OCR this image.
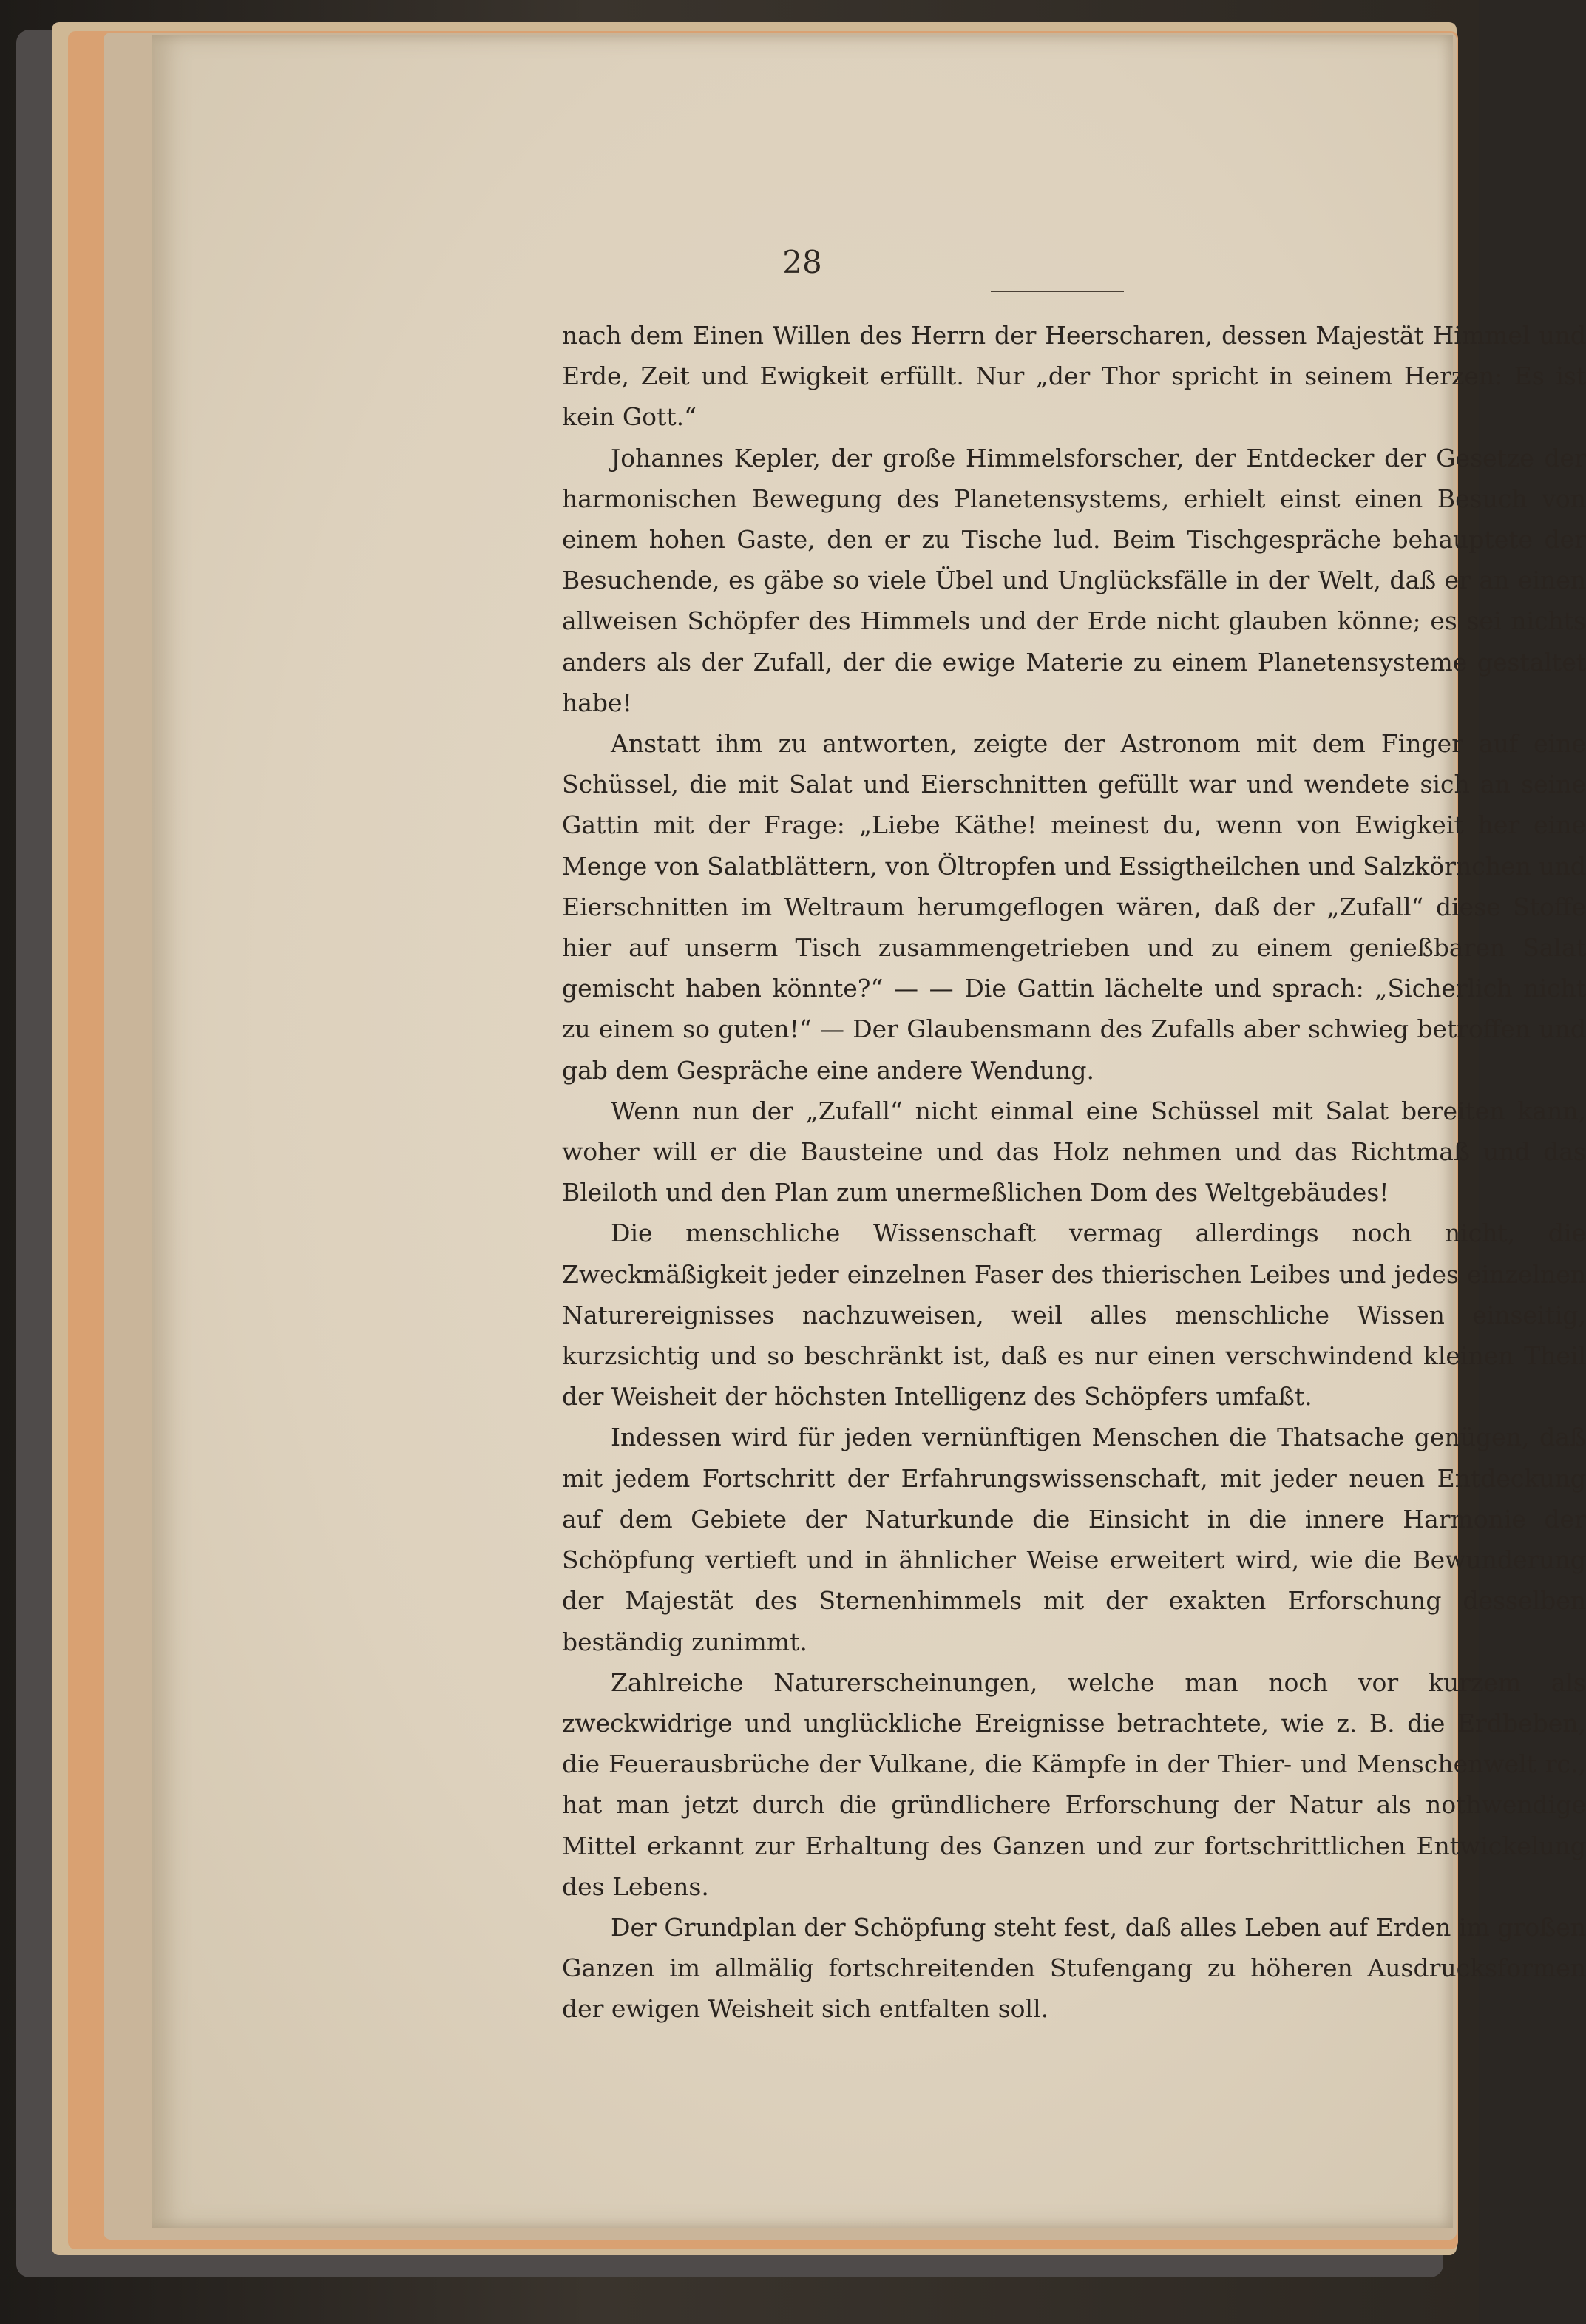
28

nach dem Einen Willen des Herrn der Heerscharen, dessen Majestät Himmel und Erde, Zeit und Ewigkeit erfüllt. Nur „der Thor spricht in seinem Herzen: Es ist kein Gott.“

Johannes Kepler, der große Himmelsforscher, der Entdecker der Gesetze der harmonischen Bewegung des Planetensystems, erhielt einst einen Besuch von einem hohen Gaste, den er zu Tische lud. Beim Tischgespräche behauptete der Besuchende, es gäbe so viele Übel und Unglücksfälle in der Welt, daß er an einen allweisen Schöpfer des Himmels und der Erde nicht glauben könne; es sei nichts anders als der Zufall, der die ewige Materie zu einem Planetensysteme gestaltet habe!

Anstatt ihm zu antworten, zeigte der Astronom mit dem Finger auf eine Schüssel, die mit Salat und Eierschnitten gefüllt war und wendete sich an seine Gattin mit der Frage: „Liebe Käthe! meinest du, wenn von Ewigkeit her eine Menge von Salatblättern, von Öltropfen und Essigtheilchen und Salzkörnchen und Eierschnitten im Weltraum herumgeflogen wären, daß der „Zufall“ diese Stoffe hier auf unserm Tisch zusammengetrieben und zu einem genießbaren Salat gemischt haben könnte?“ — — Die Gattin lächelte und sprach: „Sicherlich nicht zu einem so guten!“ — Der Glaubensmann des Zufalls aber schwieg betroffen und gab dem Gespräche eine andere Wendung.

Wenn nun der „Zufall“ nicht einmal eine Schüssel mit Salat bereiten kann, woher will er die Bausteine und das Holz nehmen und das Richtmaß und das Bleiloth und den Plan zum unermeßlichen Dom des Weltgebäudes!

Die menschliche Wissenschaft vermag allerdings noch nicht, die Zweckmäßigkeit jeder einzelnen Faser des thierischen Leibes und jedes einzelnen Naturereignisses nachzuweisen, weil alles menschliche Wissen einseitig, kurzsichtig und so beschränkt ist, daß es nur einen verschwindend kleinen Theil der Weisheit der höchsten Intelligenz des Schöpfers umfaßt.

Indessen wird für jeden vernünftigen Menschen die Thatsache genügen, daß mit jedem Fortschritt der Erfahrungswissenschaft, mit jeder neuen Entdeckung auf dem Gebiete der Naturkunde die Einsicht in die innere Harmonie der Schöpfung vertieft und in ähnlicher Weise erweitert wird, wie die Bewunderung der Majestät des Sternenhimmels mit der exakten Erforschung desselben beständig zunimmt.

Zahlreiche Naturerscheinungen, welche man noch vor kurzem als zweckwidrige und unglückliche Ereignisse betrachtete, wie z. B. die Erdbeben, die Feuerausbrüche der Vulkane, die Kämpfe in der Thier- und Menschenwelt rc., hat man jetzt durch die gründlichere Erforschung der Natur als nothwendige Mittel erkannt zur Erhaltung des Ganzen und zur fortschrittlichen Entwickelung des Lebens.

Der Grundplan der Schöpfung steht fest, daß alles Leben auf Erden im großen Ganzen im allmälig fortschreitenden Stufengang zu höheren Ausdrucksformen der ewigen Weisheit sich entfalten soll.
